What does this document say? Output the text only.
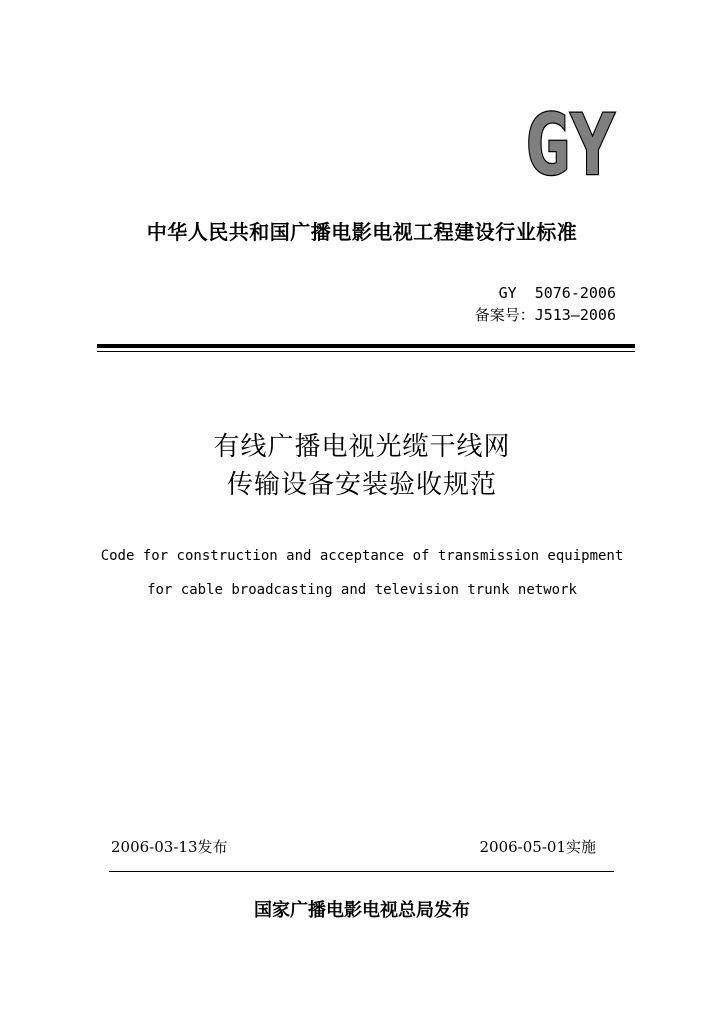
GY
中华人民共和国广播电影电视工程建设行业标准
GY  5076-2006
备案号：J513—2006
有线广播电视光缆干线网
传输设备安装验收规范
Code for construction and acceptance of transmission equipment
for cable broadcasting and television trunk network
2006-03-13发布	2006-05-01实施
国家广播电影电视总局发布
